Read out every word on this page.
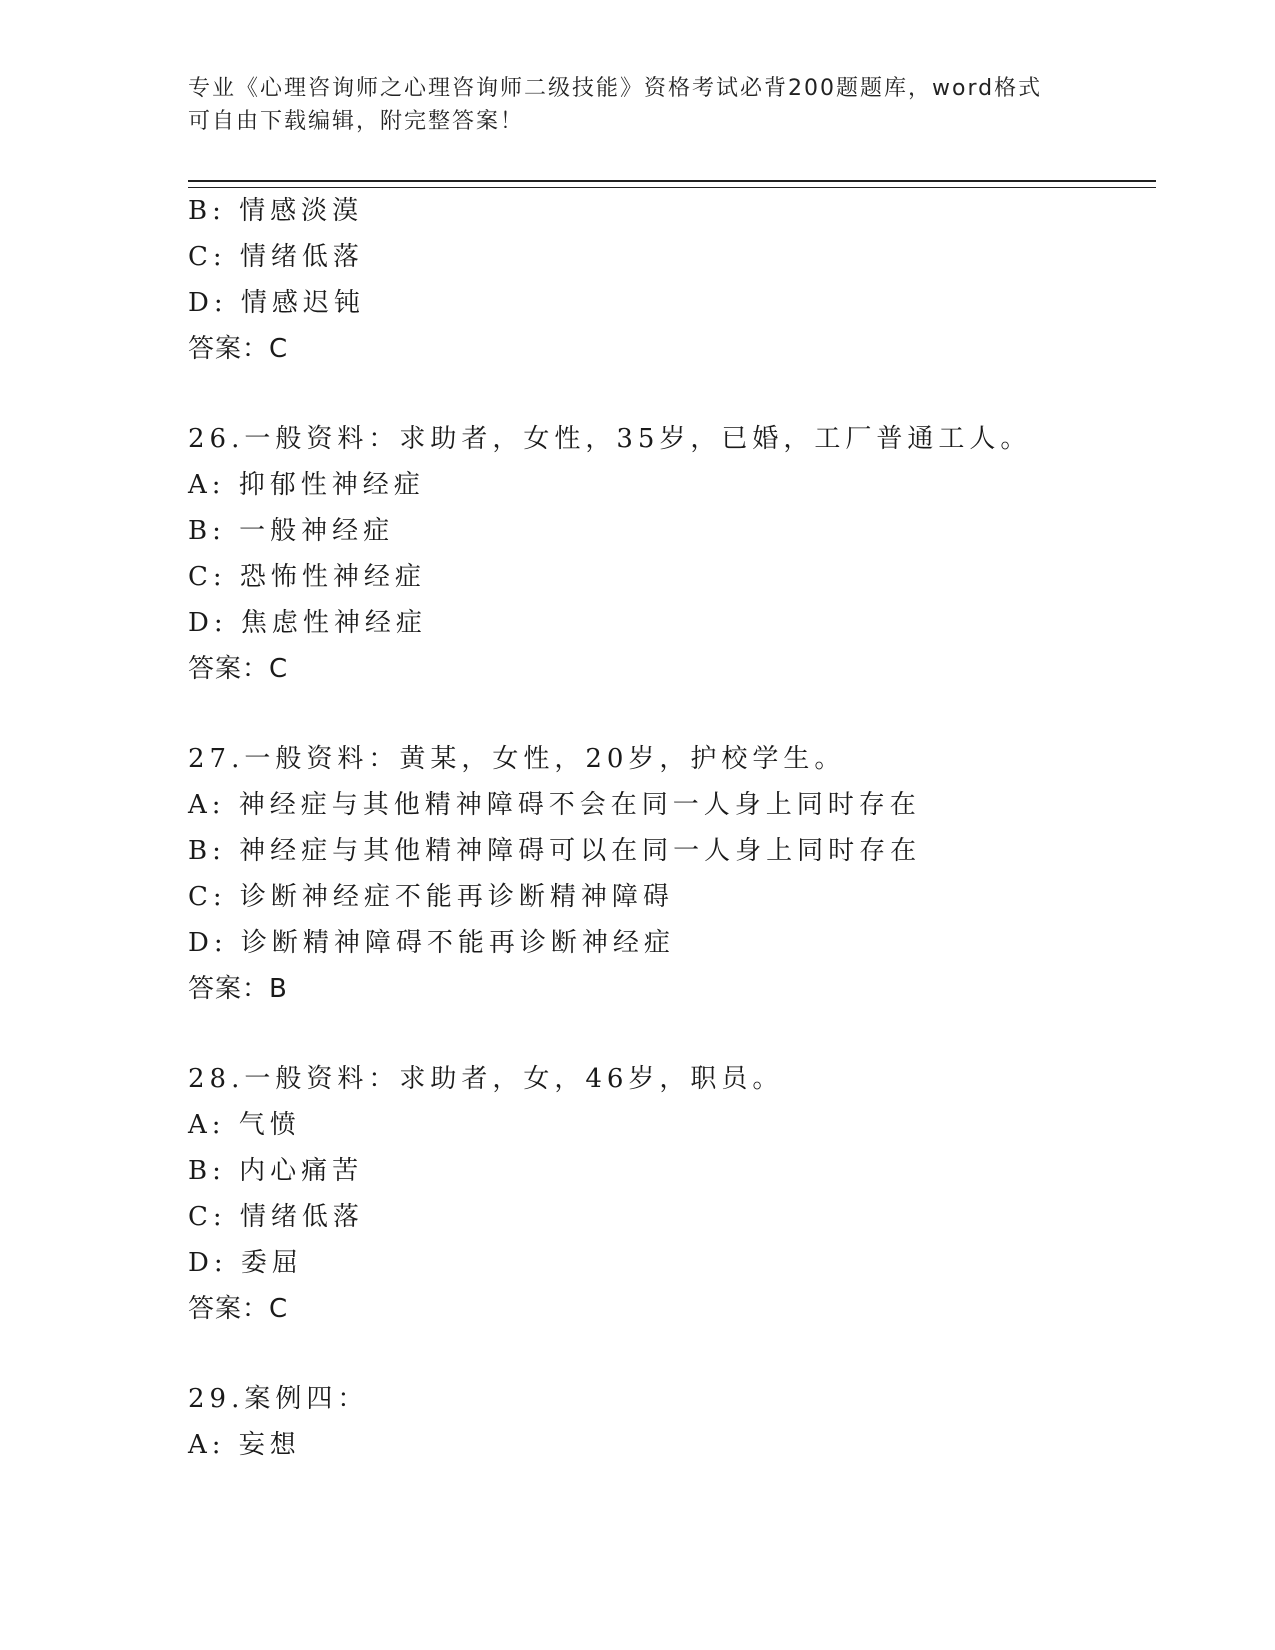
专业《心理咨询师之心理咨询师二级技能》资格考试必背200题题库，word格式
可自由下载编辑，附完整答案！
B: 情感淡漠
C: 情绪低落
D: 情感迟钝
答案：C
26.一般资料：求助者，女性，35岁，已婚，工厂普通工人。
A: 抑郁性神经症
B: 一般神经症
C: 恐怖性神经症
D: 焦虑性神经症
答案：C
27.一般资料：黄某，女性，20岁，护校学生。
A: 神经症与其他精神障碍不会在同一人身上同时存在
B: 神经症与其他精神障碍可以在同一人身上同时存在
C: 诊断神经症不能再诊断精神障碍
D: 诊断精神障碍不能再诊断神经症
答案：B
28.一般资料：求助者，女，46岁，职员。
A: 气愤
B: 内心痛苦
C: 情绪低落
D: 委屈
答案：C
29.案例四：
A: 妄想
